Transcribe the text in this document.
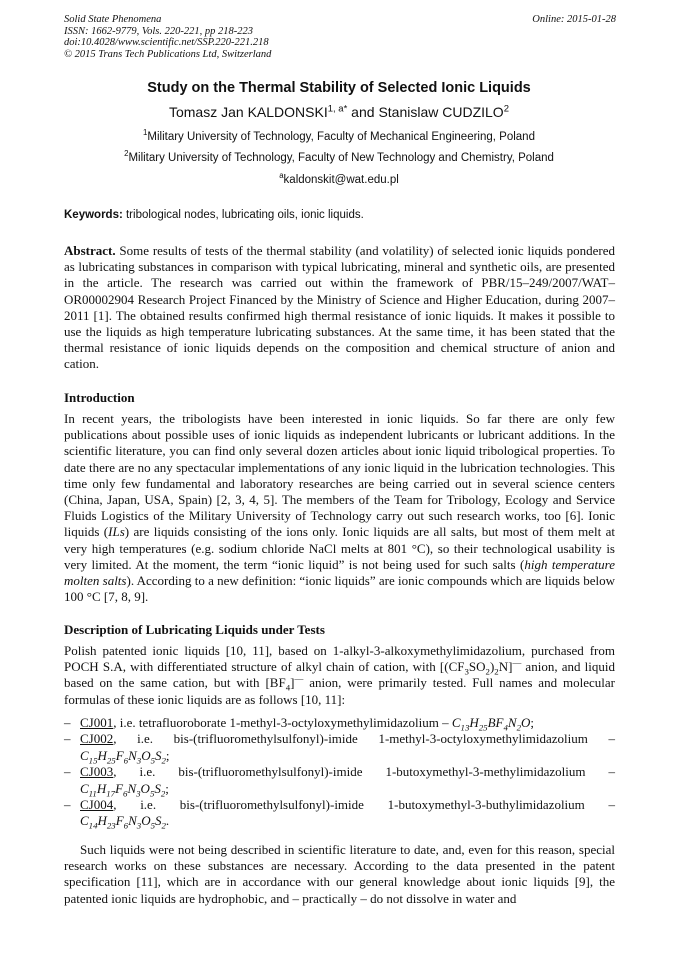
Solid State Phenomena
ISSN: 1662-9779, Vols. 220-221, pp 218-223
doi:10.4028/www.scientific.net/SSP.220-221.218
© 2015 Trans Tech Publications Ltd, Switzerland
Online: 2015-01-28
Study on the Thermal Stability of Selected Ionic Liquids
Tomasz Jan $KALDONSKI^{1, a*}$ and Stanislaw CUDZILO$^2$
$^1$Military University of Technology, Faculty of Mechanical Engineering, Poland
$^2$Military University of Technology, Faculty of New Technology and Chemistry, Poland
$^a$kaldonskit@wat.edu.pl
Keywords: tribological nodes, lubricating oils, ionic liquids.
Abstract. Some results of tests of the thermal stability (and volatility) of selected ionic liquids pondered as lubricating substances in comparison with typical lubricating, mineral and synthetic oils, are presented in the article. The research was carried out within the framework of PBR/15–249/2007/WAT–OR00002904 Research Project Financed by the Ministry of Science and Higher Education, during 2007–2011 [1]. The obtained results confirmed high thermal resistance of ionic liquids. It makes it possible to use the liquids as high temperature lubricating substances. At the same time, it has been stated that the thermal resistance of ionic liquids depends on the composition and chemical structure of anion and cation.
Introduction
In recent years, the tribologists have been interested in ionic liquids. So far there are only few publications about possible uses of ionic liquids as independent lubricants or lubricant additions. In the scientific literature, you can find only several dozen articles about ionic liquid tribological properties. To date there are no any spectacular implementations of any ionic liquid in the lubrication technologies. This time only few fundamental and laboratory researches are being carried out in several science centers (China, Japan, USA, Spain) [2, 3, 4, 5]. The members of the Team for Tribology, Ecology and Service Fluids Logistics of the Military University of Technology carry out such research works, too [6]. Ionic liquids (ILs) are liquids consisting of the ions only. Ionic liquids are all salts, but most of them melt at very high temperatures (e.g. sodium chloride NaCl melts at 801 °C), so their technological usability is very limited. At the moment, the term “ionic liquid” is not being used for such salts (high temperature molten salts). According to a new definition: “ionic liquids” are ionic compounds which are liquids below 100 °C [7, 8, 9].
Description of Lubricating Liquids under Tests
Polish patented ionic liquids [10, 11], based on 1-alkyl-3-alkoxymethylimidazolium, purchased from POCH S.A, with differentiated structure of alkyl chain of cation, with $[(CF_3SO_2)_2N]^—$ anion, and liquid based on the same cation, but with $[BF_4]^—$ anion, were primarily tested. Full names and molecular formulas of these ionic liquids are as follows [10, 11]:
– CJ001, i.e. tetrafluoroborate 1-methyl-3-octyloxymethylimidazolium – $C_{13}H_{25}BF_4N_2O$;
– CJ002, i.e. bis-(trifluoromethylsulfonyl)-imide 1-methyl-3-octyloxymethylimidazolium – $C_{15}H_{25}F_6N_3O_5S_2$;
– CJ003, i.e. bis-(trifluoromethylsulfonyl)-imide 1-butoxymethyl-3-methylimidazolium – $C_{11}H_{17}F_6N_3O_5S_2$;
– CJ004, i.e. bis-(trifluoromethylsulfonyl)-imide 1-butoxymethyl-3-buthylimidazolium – $C_{14}H_{23}F_6N_3O_5S_2$.
Such liquids were not being described in scientific literature to date, and, even for this reason, special research works on these substances are necessary. According to the data presented in the patent specification [11], which are in accordance with our general knowledge about ionic liquids [9], the patented ionic liquids are hydrophobic, and – practically – do not dissolve in water and
